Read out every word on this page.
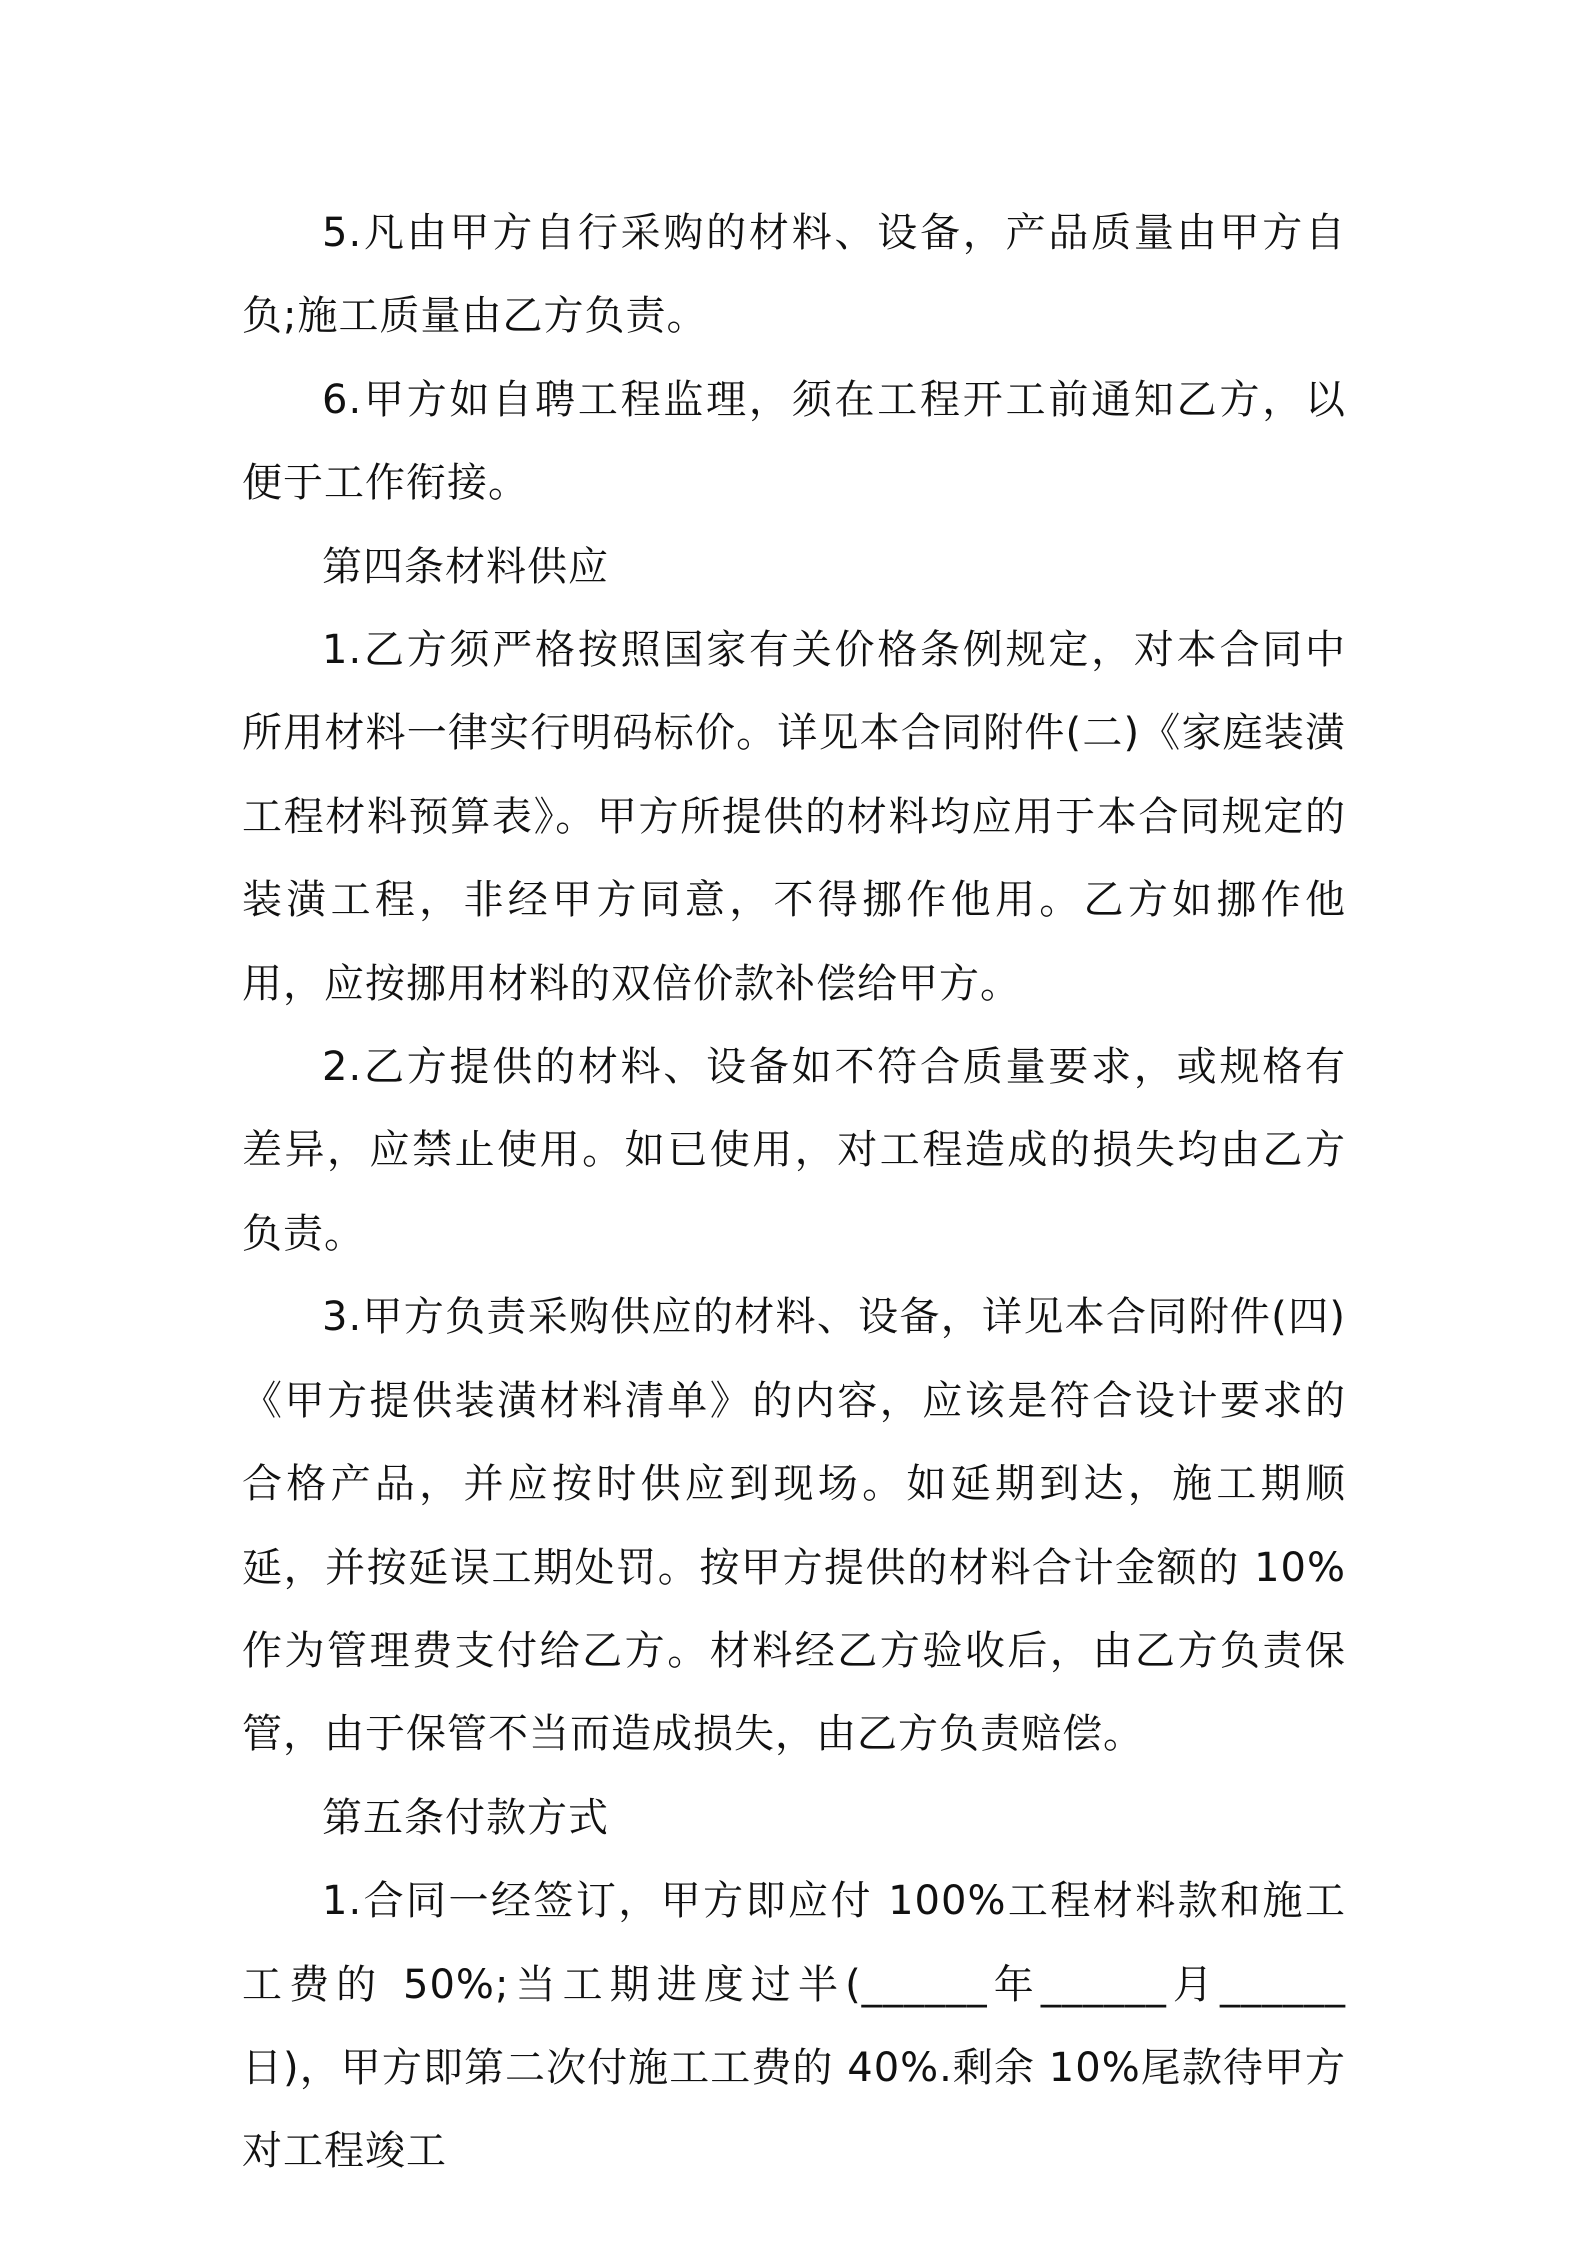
5.凡由甲方自行采购的材料、设备，产品质量由甲方自负;施工质量由乙方负责。

6.甲方如自聘工程监理，须在工程开工前通知乙方，以便于工作衔接。

第四条材料供应

1.乙方须严格按照国家有关价格条例规定，对本合同中所用材料一律实行明码标价。详见本合同附件(二)《家庭装潢工程材料预算表》。甲方所提供的材料均应用于本合同规定的装潢工程，非经甲方同意，不得挪作他用。乙方如挪作他用，应按挪用材料的双倍价款补偿给甲方。

2.乙方提供的材料、设备如不符合质量要求，或规格有差异，应禁止使用。如已使用，对工程造成的损失均由乙方负责。

3.甲方负责采购供应的材料、设备，详见本合同附件(四)《甲方提供装潢材料清单》的内容，应该是符合设计要求的合格产品，并应按时供应到现场。如延期到达，施工期顺延，并按延误工期处罚。按甲方提供的材料合计金额的 10%作为管理费支付给乙方。材料经乙方验收后，由乙方负责保管，由于保管不当而造成损失，由乙方负责赔偿。

第五条付款方式

1.合同一经签订，甲方即应付 100%工程材料款和施工工费的 50%;当工期进度过半(______年______月______日)，甲方即第二次付施工工费的 40%.剩余 10%尾款待甲方对工程竣工
